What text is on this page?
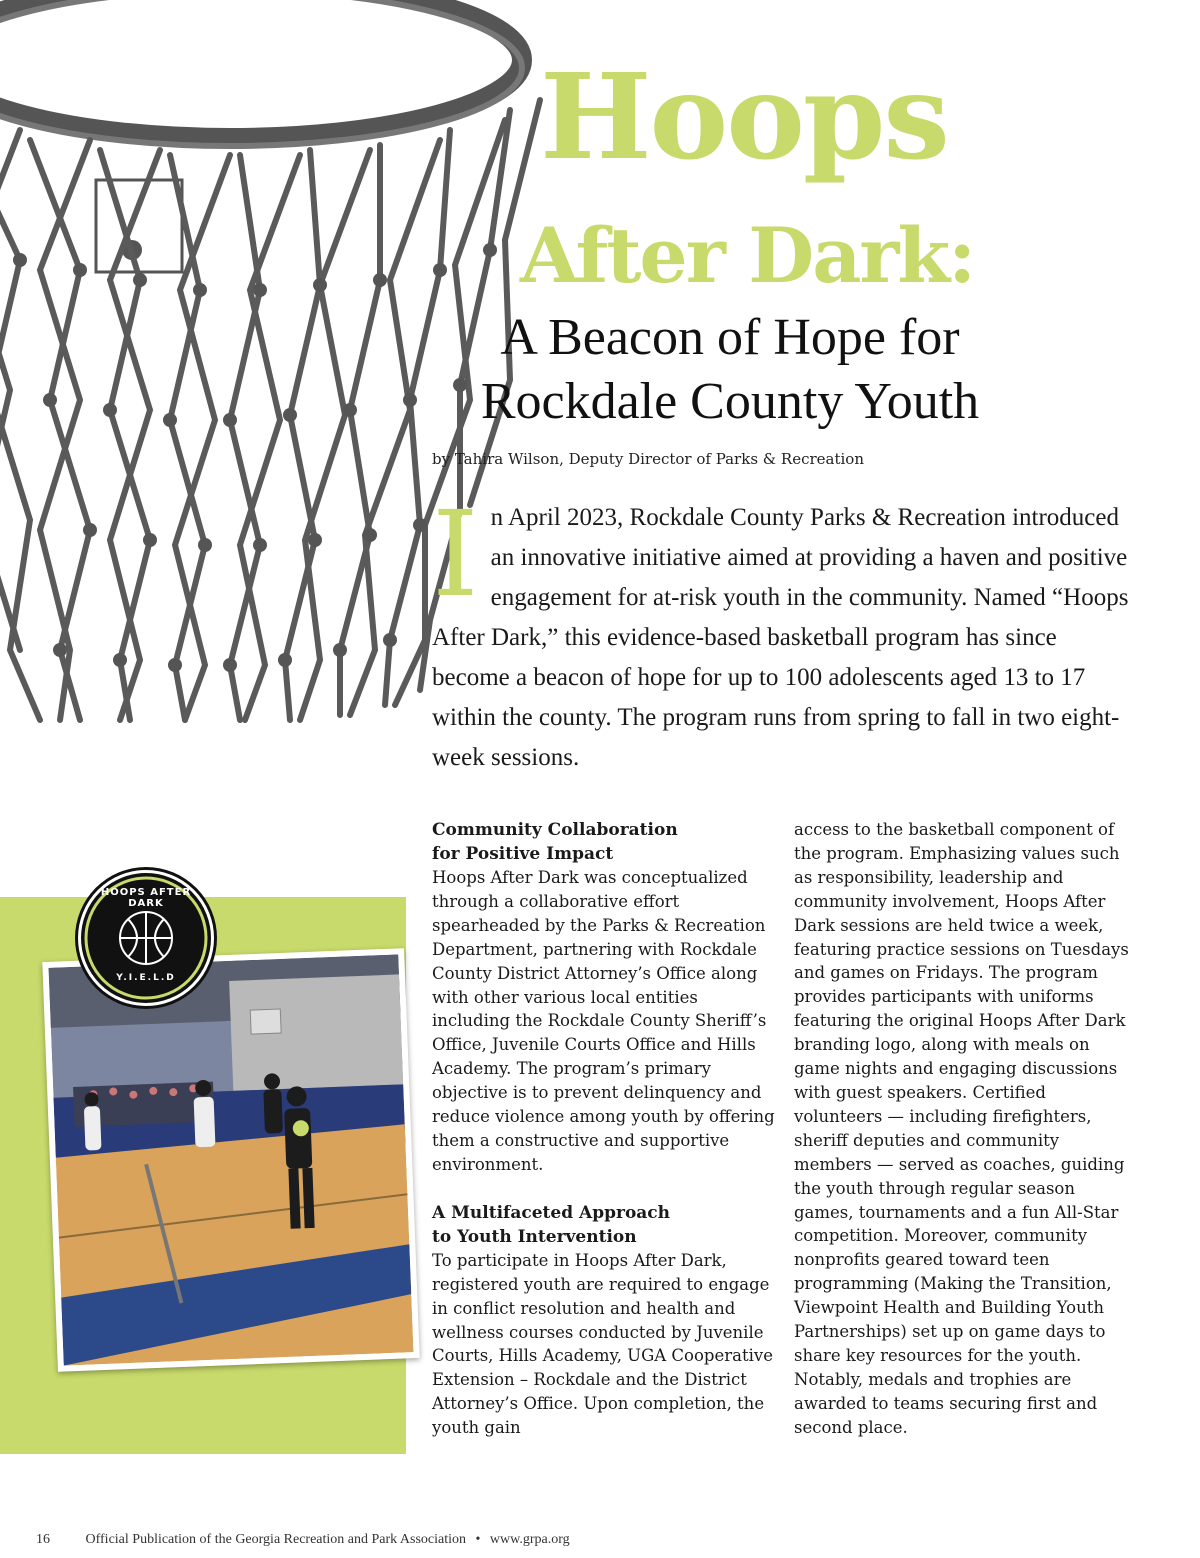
Hoops
After Dark:
A Beacon of Hope for
Rockdale County Youth
by Tahira Wilson, Deputy Director of Parks & Recreation
I n April 2023, Rockdale County Parks & Recreation introduced an innovative initiative aimed at providing a haven and positive engagement for at-risk youth in the community. Named “Hoops After Dark,” this evidence-based basketball program has since become a beacon of hope for up to 100 adolescents aged 13 to 17 within the county. The program runs from spring to fall in two eight-week sessions.
HOOPS AFTER DARK
Y.I.E.L.D
Community Collaboration
for Positive Impact

Hoops After Dark was conceptualized through a collaborative effort spearheaded by the Parks & Recreation Department, partnering with Rockdale County District Attorney’s Office along with other various local entities including the Rockdale County Sheriff’s Office, Juvenile Courts Office and Hills Academy. The program’s primary objective is to prevent delinquency and reduce violence among youth by offering them a constructive and supportive environment.

A Multifaceted Approach
to Youth Intervention

To participate in Hoops After Dark, registered youth are required to engage in conflict resolution and health and wellness courses conducted by Juvenile Courts, Hills Academy, UGA Cooperative Extension – Rockdale and the District Attorney’s Office. Upon completion, the youth gain

access to the basketball component of the program. Emphasizing values such as responsibility, leadership and community involvement, Hoops After Dark sessions are held twice a week, featuring practice sessions on Tuesdays and games on Fridays. The program provides participants with uniforms featuring the original Hoops After Dark branding logo, along with meals on game nights and engaging discussions with guest speakers. Certified volunteers — including firefighters, sheriff deputies and community members — served as coaches, guiding the youth through regular season games, tournaments and a fun All-Star competition. Moreover, community nonprofits geared toward teen programming (Making the Transition, Viewpoint Health and Building Youth Partnerships) set up on game days to share key resources for the youth. Notably, medals and trophies are awarded to teams securing first and second place.

16	Official Publication of the Georgia Recreation and Park Association • www.grpa.org
